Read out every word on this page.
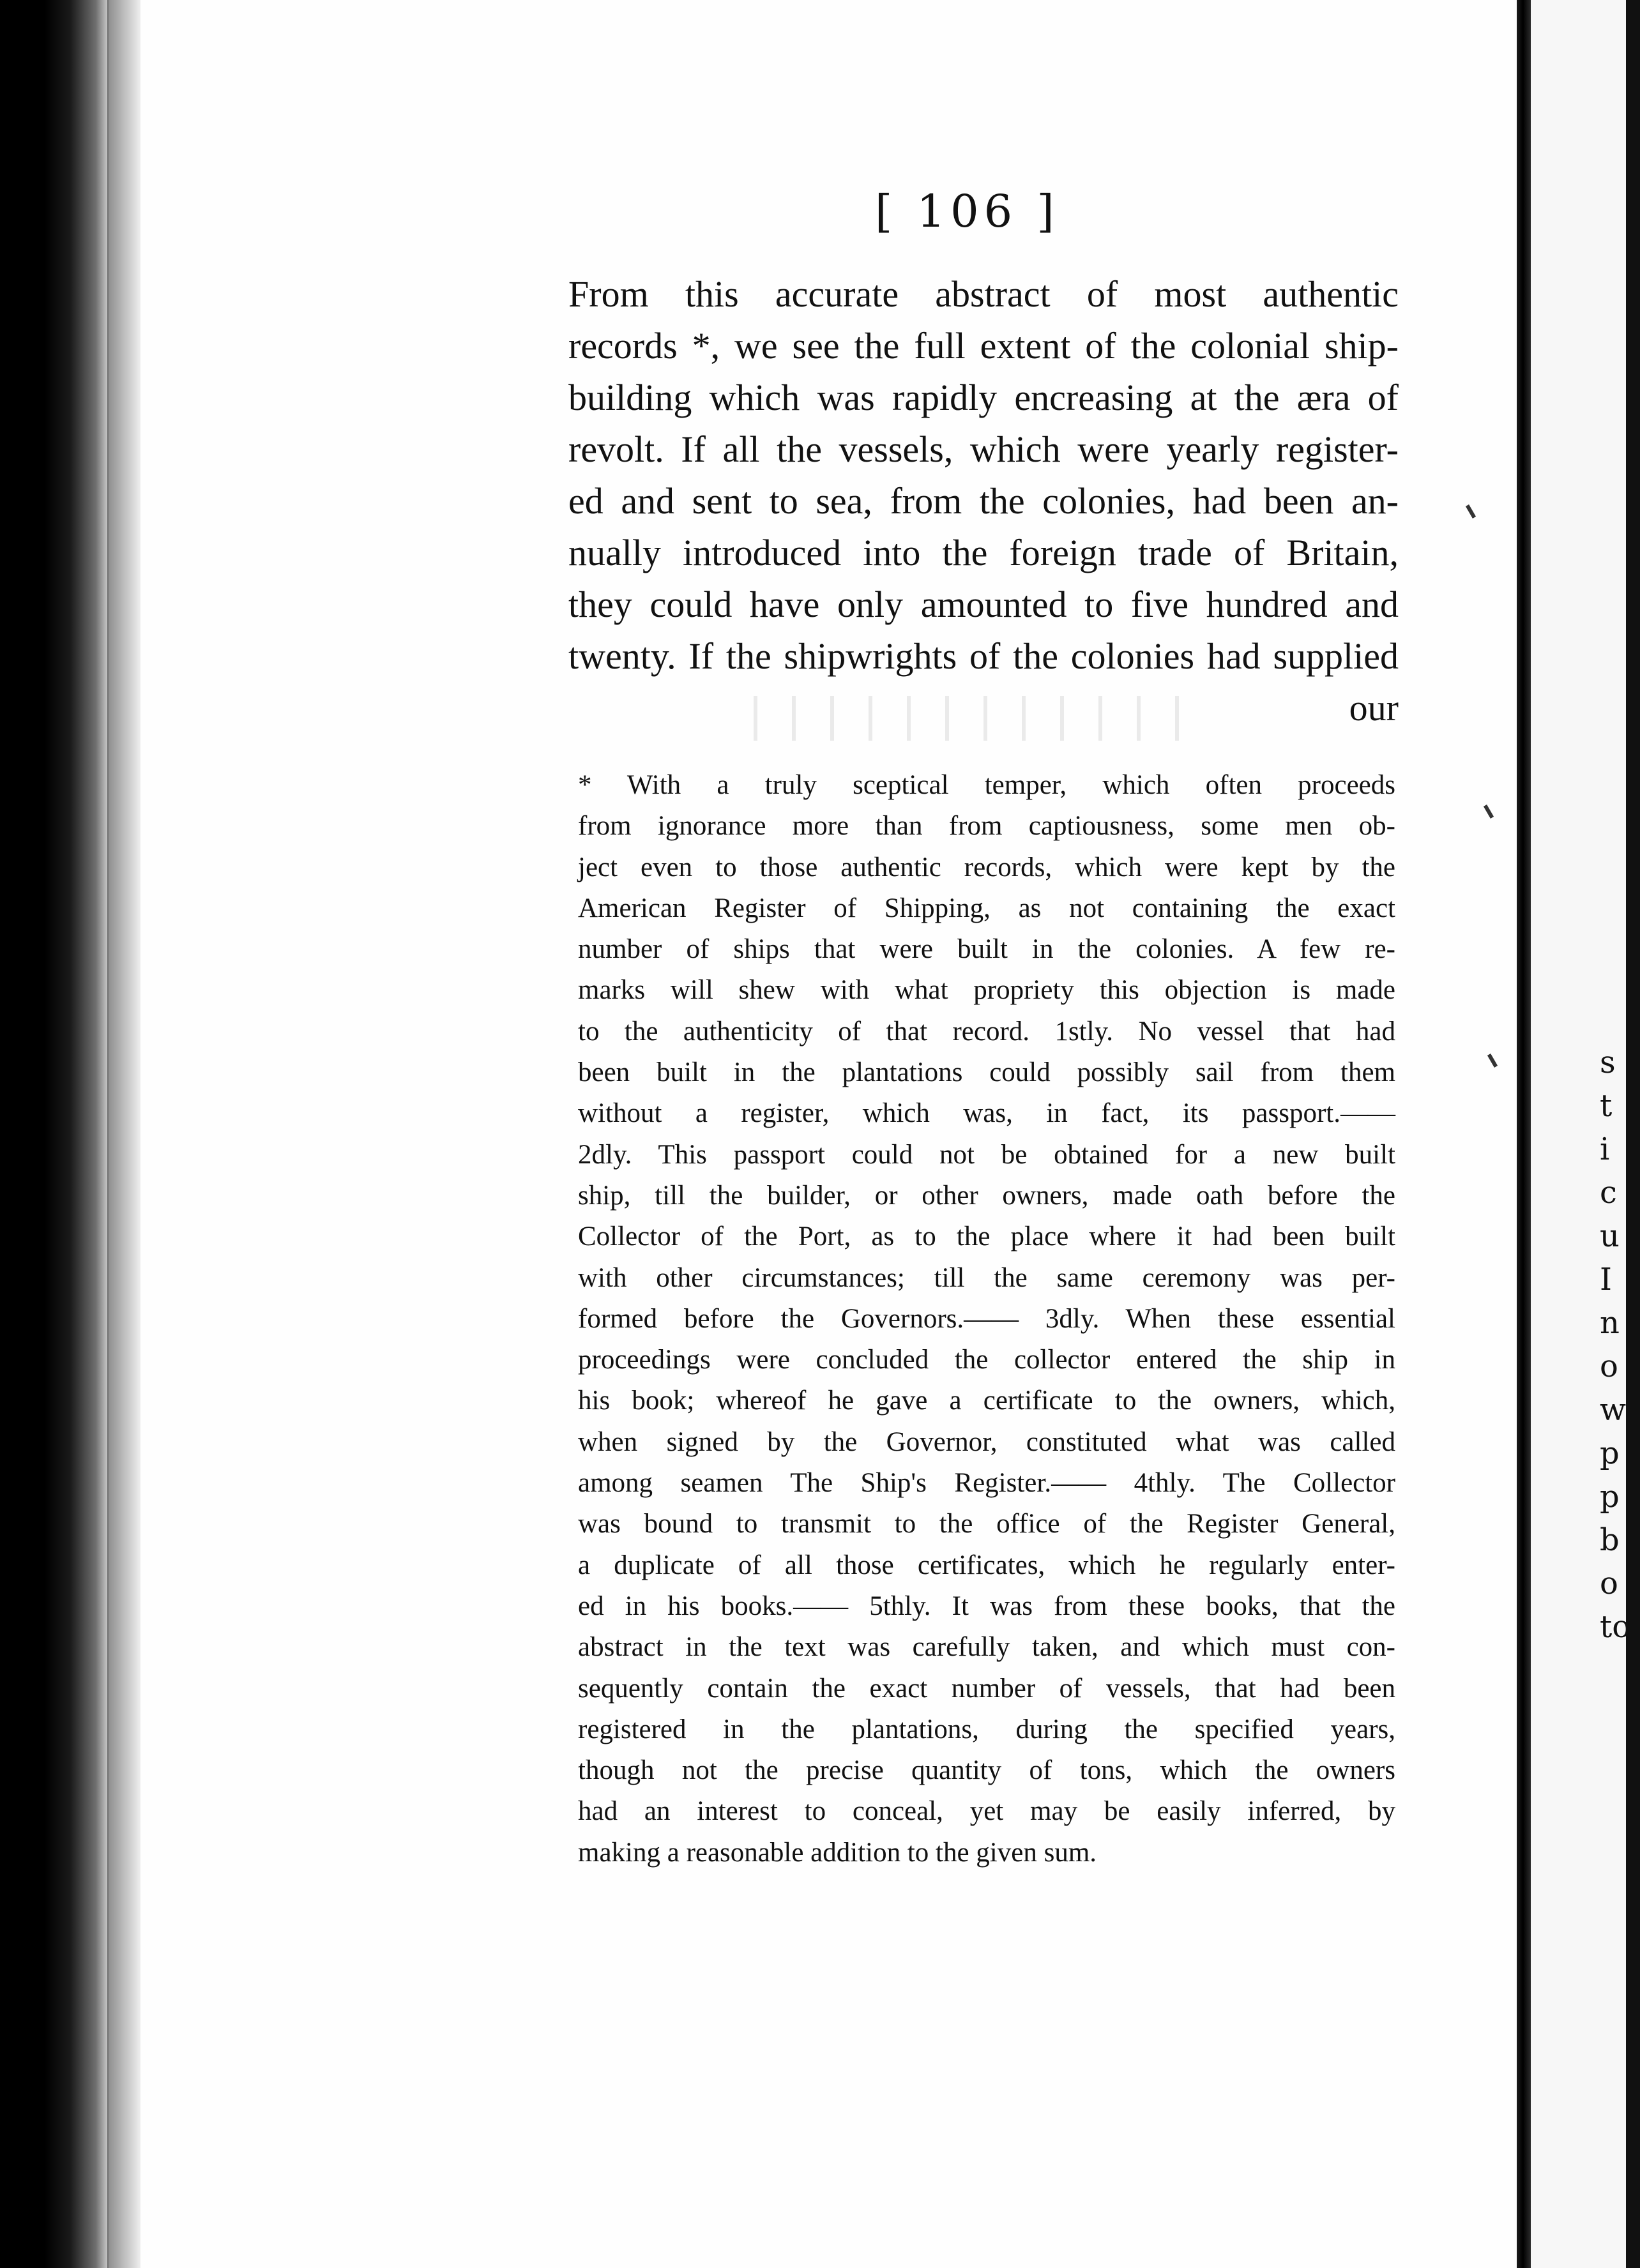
[ 106 ]
From this accurate abstract of most authentic
records *, we see the full extent of the colonial ship-
building which was rapidly encreasing at the æra of
revolt. If all the vessels, which were yearly register-
ed and sent to sea, from the colonies, had been an-
nually introduced into the foreign trade of Britain,
they could have only amounted to five hundred and
twenty. If the shipwrights of the colonies had supplied
our
* With a truly sceptical temper, which often proceeds
from ignorance more than from captiousness, some men ob-
ject even to those authentic records, which were kept by the
American Register of Shipping, as not containing the exact
number of ships that were built in the colonies. A few re-
marks will shew with what propriety this objection is made
to the authenticity of that record. 1stly. No vessel that had
been built in the plantations could possibly sail from them
without a register, which was, in fact, its passport.——
2dly. This passport could not be obtained for a new built
ship, till the builder, or other owners, made oath before the
Collector of the Port, as to the place where it had been built
with other circumstances; till the same ceremony was per-
formed before the Governors.—— 3dly. When these essential
proceedings were concluded the collector entered the ship in
his book; whereof he gave a certificate to the owners, which,
when signed by the Governor, constituted what was called
among seamen The Ship's Register.—— 4thly. The Collector
was bound to transmit to the office of the Register General,
a duplicate of all those certificates, which he regularly enter-
ed in his books.—— 5thly. It was from these books, that the
abstract in the text was carefully taken, and which must con-
sequently contain the exact number of vessels, that had been
registered in the plantations, during the specified years,
though not the precise quantity of tons, which the owners
had an interest to conceal, yet may be easily inferred, by
making a reasonable addition to the given sum.
s
t
i
c
u
I
n
o
w
p
p
b
o
to
